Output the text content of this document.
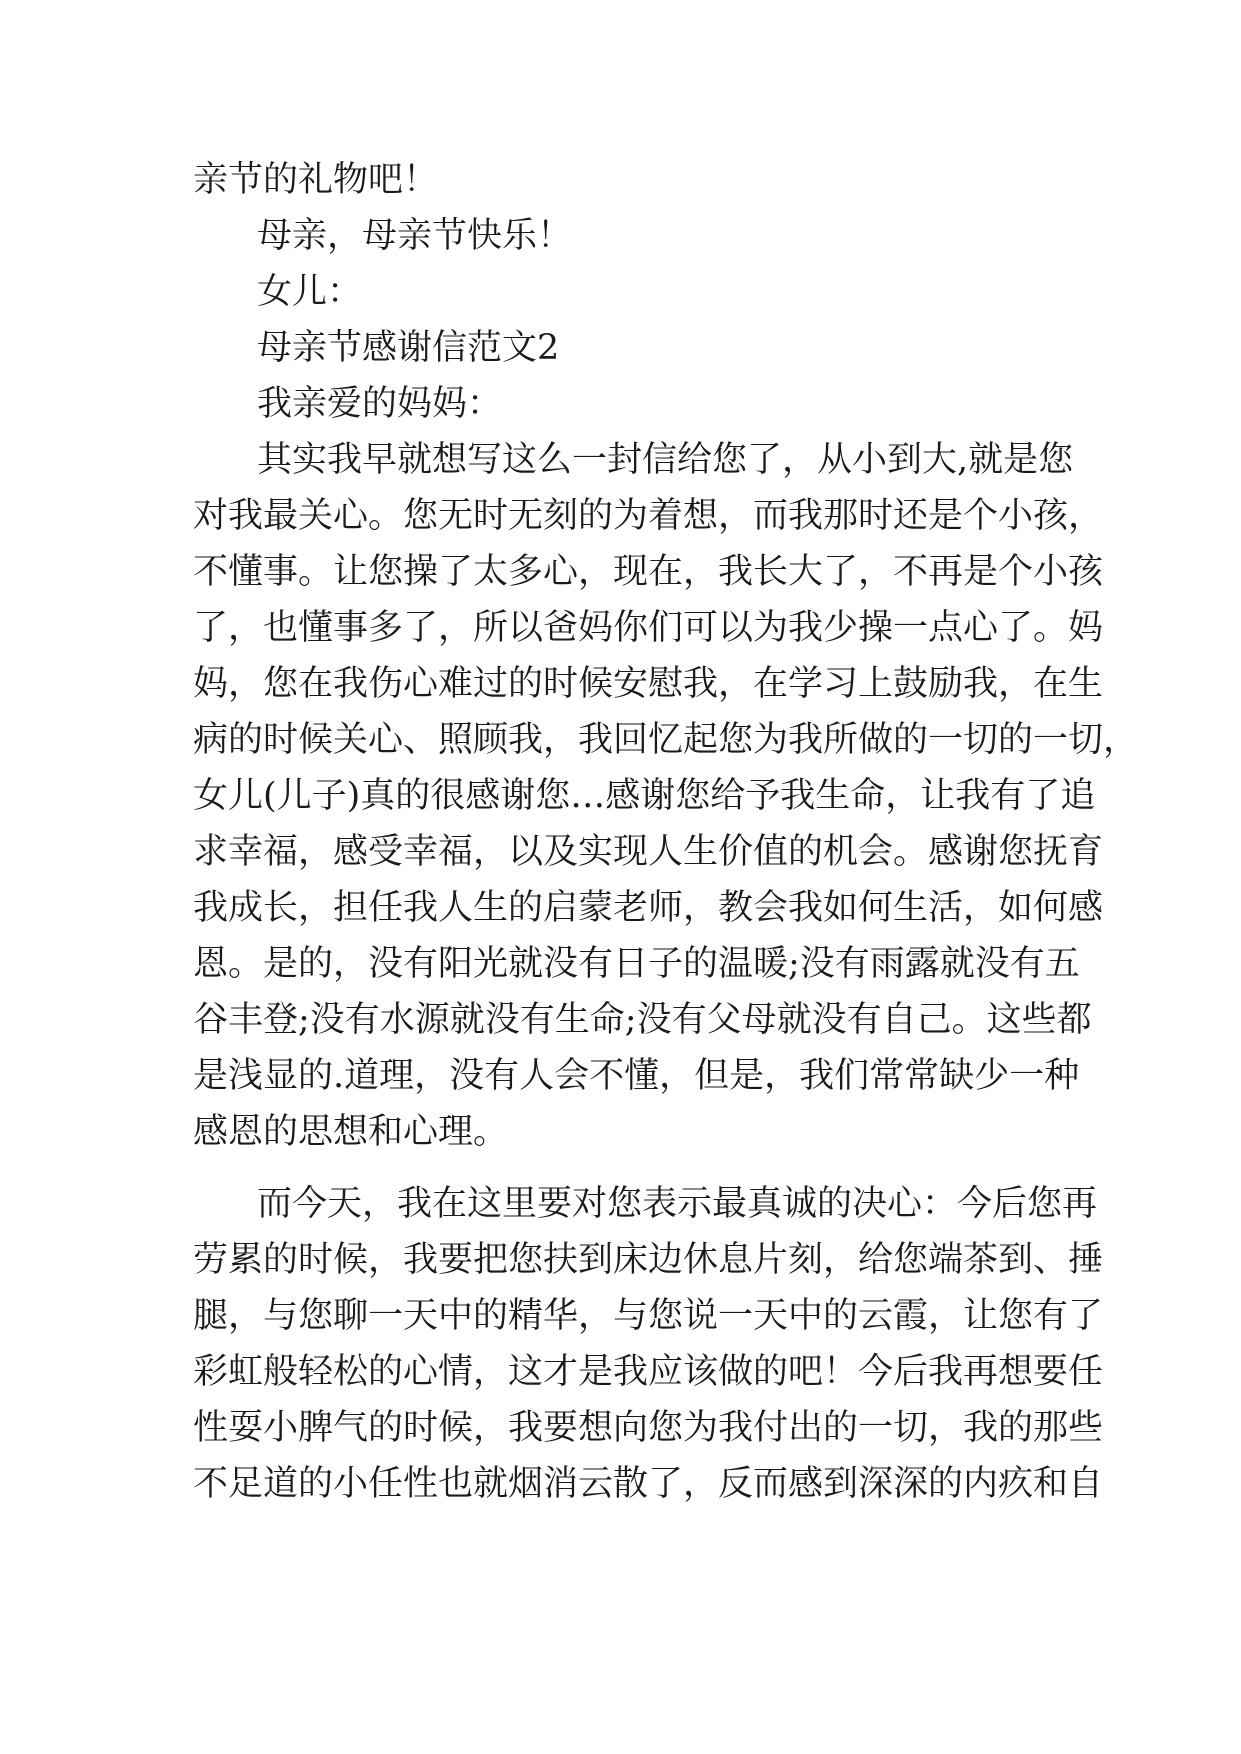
亲节的礼物吧！
母亲，母亲节快乐！
女儿：
母亲节感谢信范文2
我亲爱的妈妈：
其实我早就想写这么一封信给您了，从小到大,就是您
对我最关心。您无时无刻的为着想，而我那时还是个小孩，
不懂事。让您操了太多心，现在，我长大了，不再是个小孩
了，也懂事多了，所以爸妈你们可以为我少操一点心了。妈
妈，您在我伤心难过的时候安慰我，在学习上鼓励我，在生
病的时候关心、照顾我，我回忆起您为我所做的一切的一切，
女儿(儿子)真的很感谢您…感谢您给予我生命，让我有了追
求幸福，感受幸福，以及实现人生价值的机会。感谢您抚育
我成长，担任我人生的启蒙老师，教会我如何生活，如何感
恩。是的，没有阳光就没有日子的温暖;没有雨露就没有五
谷丰登;没有水源就没有生命;没有父母就没有自己。这些都
是浅显的.道理，没有人会不懂，但是，我们常常缺少一种
感恩的思想和心理。
而今天，我在这里要对您表示最真诚的决心：今后您再
劳累的时候，我要把您扶到床边休息片刻，给您端茶到、捶
腿，与您聊一天中的精华，与您说一天中的云霞，让您有了
彩虹般轻松的心情，这才是我应该做的吧！今后我再想要任
性耍小脾气的时候，我要想向您为我付出的一切，我的那些
不足道的小任性也就烟消云散了，反而感到深深的内疚和自
